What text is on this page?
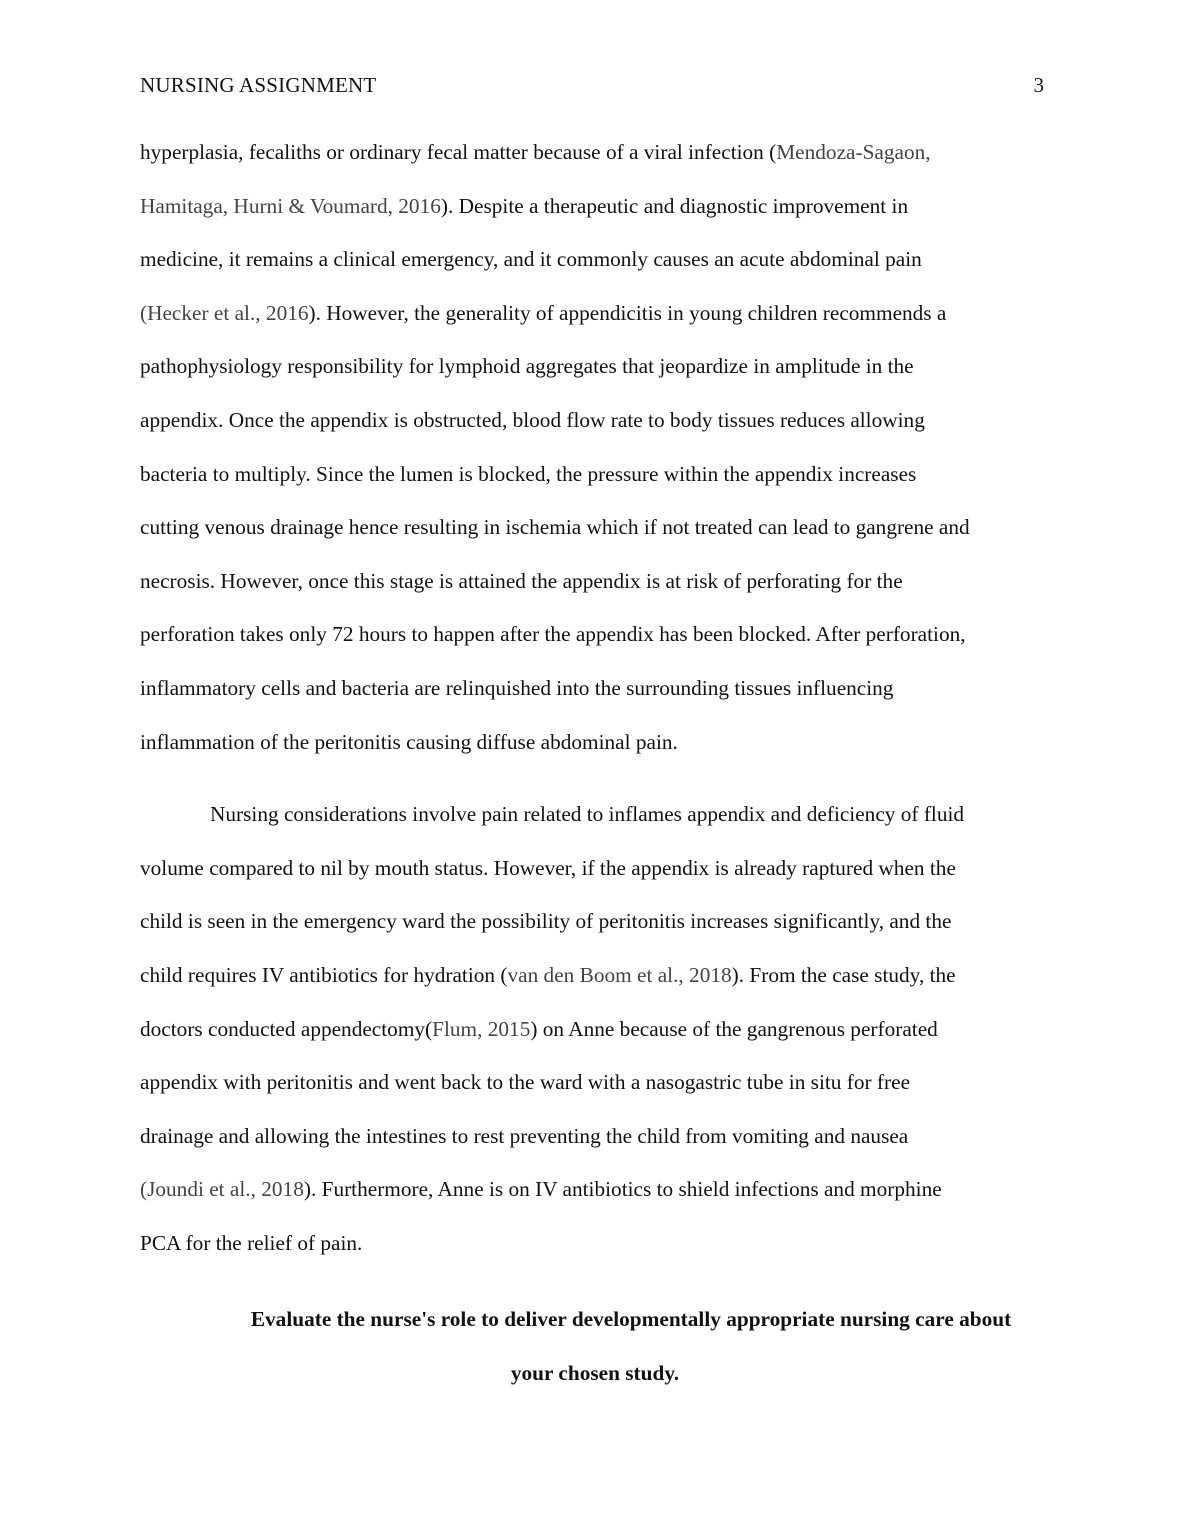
NURSING ASSIGNMENT	3

hyperplasia, fecaliths or ordinary fecal matter because of a viral infection (Mendoza-Sagaon,
Hamitaga, Hurni & Voumard, 2016). Despite a therapeutic and diagnostic improvement in
medicine, it remains a clinical emergency, and it commonly causes an acute abdominal pain
(Hecker et al., 2016). However, the generality of appendicitis in young children recommends a
pathophysiology responsibility for lymphoid aggregates that jeopardize in amplitude in the
appendix. Once the appendix is obstructed, blood flow rate to body tissues reduces allowing
bacteria to multiply. Since the lumen is blocked, the pressure within the appendix increases
cutting venous drainage hence resulting in ischemia which if not treated can lead to gangrene and
necrosis. However, once this stage is attained the appendix is at risk of perforating for the
perforation takes only 72 hours to happen after the appendix has been blocked. After perforation,
inflammatory cells and bacteria are relinquished into the surrounding tissues influencing
inflammation of the peritonitis causing diffuse abdominal pain.

Nursing considerations involve pain related to inflames appendix and deficiency of fluid
volume compared to nil by mouth status. However, if the appendix is already raptured when the
child is seen in the emergency ward the possibility of peritonitis increases significantly, and the
child requires IV antibiotics for hydration (van den Boom et al., 2018). From the case study, the
doctors conducted appendectomy(Flum, 2015) on Anne because of the gangrenous perforated
appendix with peritonitis and went back to the ward with a nasogastric tube in situ for free
drainage and allowing the intestines to rest preventing the child from vomiting and nausea
(Joundi et al., 2018). Furthermore, Anne is on IV antibiotics to shield infections and morphine
PCA for the relief of pain.

Evaluate the nurse's role to deliver developmentally appropriate nursing care about
your chosen study.
